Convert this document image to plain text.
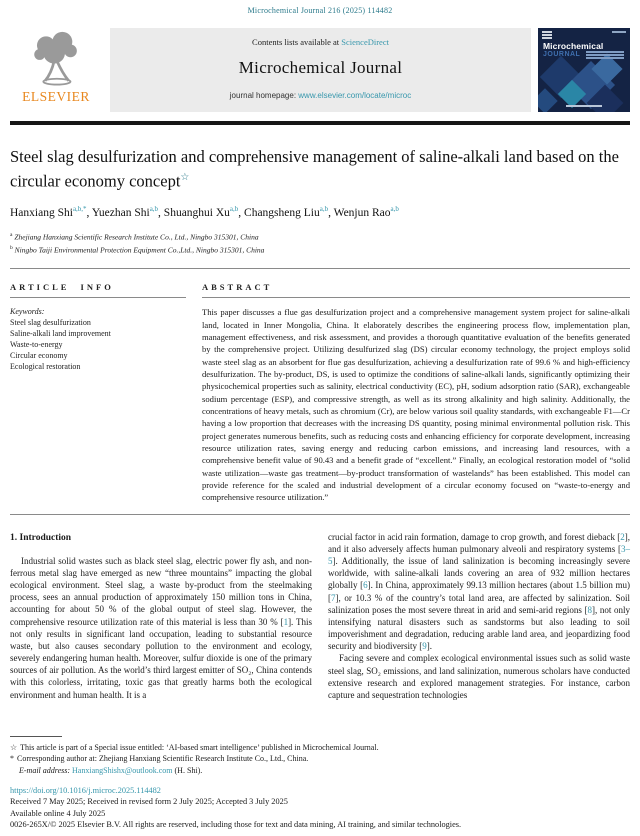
Microchemical Journal 216 (2025) 114482
ELSEVIER
Contents lists available at ScienceDirect
Microchemical Journal
journal homepage: www.elsevier.com/locate/microc
Microchemical
JOURNAL
Steel slag desulfurization and comprehensive management of saline-alkali land based on the circular economy concept☆
Hanxiang Shi$^{a,b,*}$ , Yuezhan Shi$^{a,b}$ , Shuanghui Xu$^{a,b}$ , Changsheng Liu$^{a,b}$ , Wenjun Rao$^{a,b}$
$^a$ Zhejiang Hanxiang Scientific Research Institute Co., Ltd., Ningbo 315301, China
$^b$ Ningbo Taiji Environmental Protection Equipment Co.,Ltd., Ningbo 315301, China
ARTICLE INFO
Keywords:
Steel slag desulfurization
Saline-alkali land improvement
Waste-to-energy
Circular economy
Ecological restoration
ABSTRACT
This paper discusses a flue gas desulfurization project and a comprehensive management system project for saline-alkali land, located in Inner Mongolia, China. It elaborately describes the engineering process flow, implementation plan, management effectiveness, and risk assessment, and provides a thorough quantitative evaluation of the benefits generated by the comprehensive project. Utilizing desulfurized slag (DS) circular economy technology, the project employs solid waste steel slag as an absorbent for flue gas desulfurization, achieving a desulfurization rate of 99.6 % and high-efficiency desulfurization. The by-product, DS, is used to optimize the conditions of saline-alkali lands, significantly optimizing their physicochemical properties such as salinity, electrical conductivity (EC), pH, sodium adsorption ratio (SAR), exchangeable sodium percentage (ESP), and compressive strength, as well as its strong alkalinity and high salinity. Additionally, the concentrations of heavy metals, such as chromium (Cr), are below various soil quality standards, with exchangeable F1—Cr having a low proportion that decreases with the increasing DS quantity, posing minimal environmental pollution risk. This project generates numerous benefits, such as reducing costs and enhancing efficiency for corporate development, increasing resource utilization rates, saving energy and reducing carbon emissions, and increasing land resources, with a comprehensive benefit value of 90.43 and a benefit grade of “excellent.” Finally, an ecological restoration model of “solid waste utilization—waste gas treatment—by-product transformation of wastelands” has been established. This model can provide reference for the scaled and industrial development of a circular economy focused on “waste-to-energy and comprehensive resource utilization.”
1. Introduction

Industrial solid wastes such as black steel slag, electric power fly ash, and non-ferrous metal slag have emerged as new “three mountains” impacting the global ecological environment. Steel slag, a waste by-product from the steelmaking process, sees an annual production of approximately 150 million tons in China, accounting for about 50 % of the global output of steel slag. However, the comprehensive resource utilization rate of this material is less than 30 % [1]. This not only results in significant land occupation, leading to substantial resource waste, but also causes secondary pollution to the environment and ecology, severely endangering human health. Moreover, sulfur dioxide is one of the primary sources of air pollution. As the world’s third largest emitter of SO₂, China contends with this colorless, irritating, toxic gas that greatly harms both the ecological environment and human health. It is a

crucial factor in acid rain formation, damage to crop growth, and forest dieback [2], and it also adversely affects human pulmonary alveoli and respiratory systems [3–5]. Additionally, the issue of land salinization is becoming increasingly severe worldwide, with saline-alkali lands covering an area of 932 million hectares globally [6]. In China, approximately 99.13 million hectares (about 1.5 billion mu) [7], or 10.3 % of the country’s total land area, are affected by salinization. Soil salinization poses the most severe threat in arid and semi-arid regions [8], not only intensifying natural disasters such as sandstorms but also leading to soil impoverishment and degradation, reducing arable land area, and jeopardizing food security and biodiversity [9].

Facing severe and complex ecological environmental issues such as solid waste steel slag, SO₂ emissions, and land salinization, numerous scholars have conducted extensive research and explored management strategies. For instance, carbon capture and sequestration technologies

☆ This article is part of a Special issue entitled: ‘AI-based smart intelligence’ published in Microchemical Journal.
* Corresponding author at: Zhejiang Hanxiang Scientific Research Institute Co., Ltd., China.
E-mail address: HanxiangShishx@outlook.com (H. Shi).
https://doi.org/10.1016/j.microc.2025.114482
Received 7 May 2025; Received in revised form 2 July 2025; Accepted 3 July 2025
Available online 4 July 2025
0026-265X/© 2025 Elsevier B.V. All rights are reserved, including those for text and data mining, AI training, and similar technologies.
